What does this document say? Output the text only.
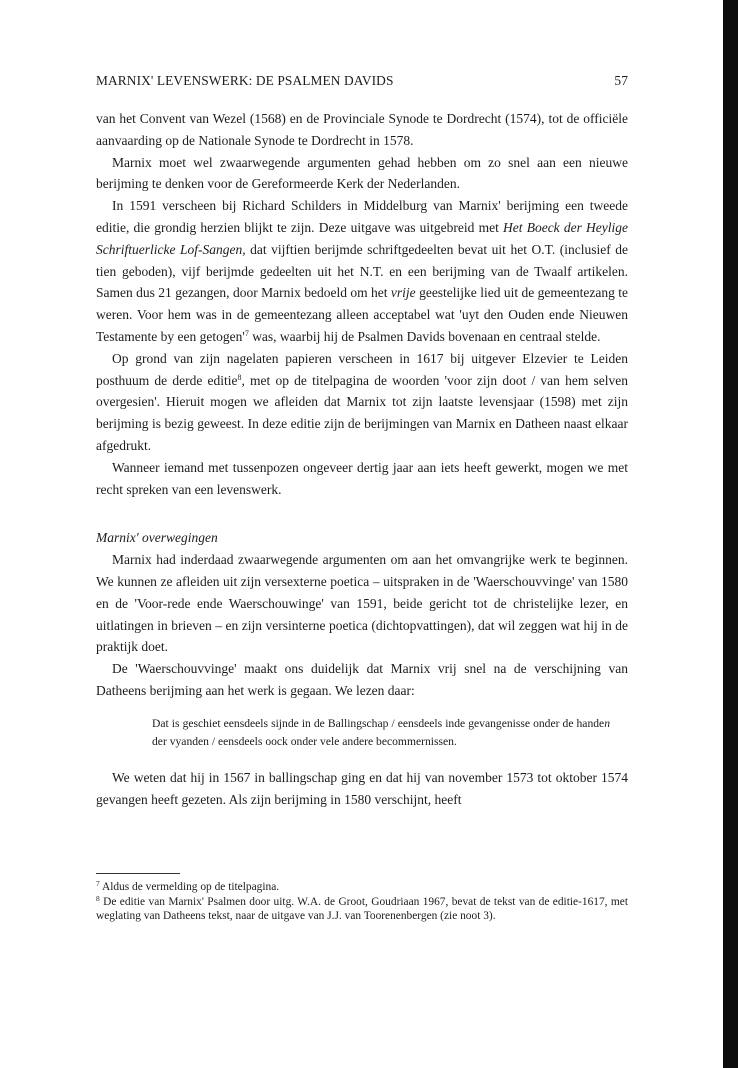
MARNIX' LEVENSWERK: DE PSALMEN DAVIDS	57

van het Convent van Wezel (1568) en de Provinciale Synode te Dordrecht (1574), tot de officiële aanvaarding op de Nationale Synode te Dordrecht in 1578.

Marnix moet wel zwaarwegende argumenten gehad hebben om zo snel aan een nieuwe berijming te denken voor de Gereformeerde Kerk der Nederlanden.

In 1591 verscheen bij Richard Schilders in Middelburg van Marnix' berijming een tweede editie, die grondig herzien blijkt te zijn. Deze uitgave was uitgebreid met Het Boeck der Heylige Schriftuerlicke Lof-Sangen, dat vijftien berijmde schriftgedeelten bevat uit het O.T. (inclusief de tien geboden), vijf berijmde gedeelten uit het N.T. en een berijming van de Twaalf artikelen. Samen dus 21 gezangen, door Marnix bedoeld om het vrije geestelijke lied uit de gemeentezang te weren. Voor hem was in de gemeentezang alleen acceptabel wat 'uyt den Ouden ende Nieuwen Testamente by een $getogen'^7$ was, waarbij hij de Psalmen Davids bovenaan en centraal stelde.

Op grond van zijn nagelaten papieren verscheen in 1617 bij uitgever Elzevier te Leiden posthuum de derde editie$^8$, met op de titelpagina de woorden 'voor zijn doot / van hem selven overgesien'. Hieruit mogen we afleiden dat Marnix tot zijn laatste levensjaar (1598) met zijn berijming is bezig geweest. In deze editie zijn de berijmingen van Marnix en Datheen naast elkaar afgedrukt.

Wanneer iemand met tussenpozen ongeveer dertig jaar aan iets heeft gewerkt, mogen we met recht spreken van een levenswerk.

Marnix' overwegingen

Marnix had inderdaad zwaarwegende argumenten om aan het omvangrijke werk te beginnen. We kunnen ze afleiden uit zijn versexterne poetica – uitspraken in de 'Waerschouvvinge' van 1580 en de 'Voor-rede ende Waerschouwinge' van 1591, beide gericht tot de christelijke lezer, en uitlatingen in brieven – en zijn versinterne poetica (dichtopvattingen), dat wil zeggen wat hij in de praktijk doet.

De 'Waerschouvvinge' maakt ons duidelijk dat Marnix vrij snel na de verschijning van Datheens berijming aan het werk is gegaan. We lezen daar:

Dat is geschiet eensdeels sijnde in de Ballingschap / eensdeels inde gevangenisse onder de handen der vyanden / eensdeels oock onder vele andere becommernissen.

We weten dat hij in 1567 in ballingschap ging en dat hij van november 1573 tot oktober 1574 gevangen heeft gezeten. Als zijn berijming in 1580 verschijnt, heeft

$^7$ Aldus de vermelding op de titelpagina.

$^8$ De editie van Marnix' Psalmen door uitg. W.A. de Groot, Goudriaan 1967, bevat de tekst van de editie-1617, met weglating van Datheens tekst, naar de uitgave van J.J. van Toorenenbergen (zie noot 3).
